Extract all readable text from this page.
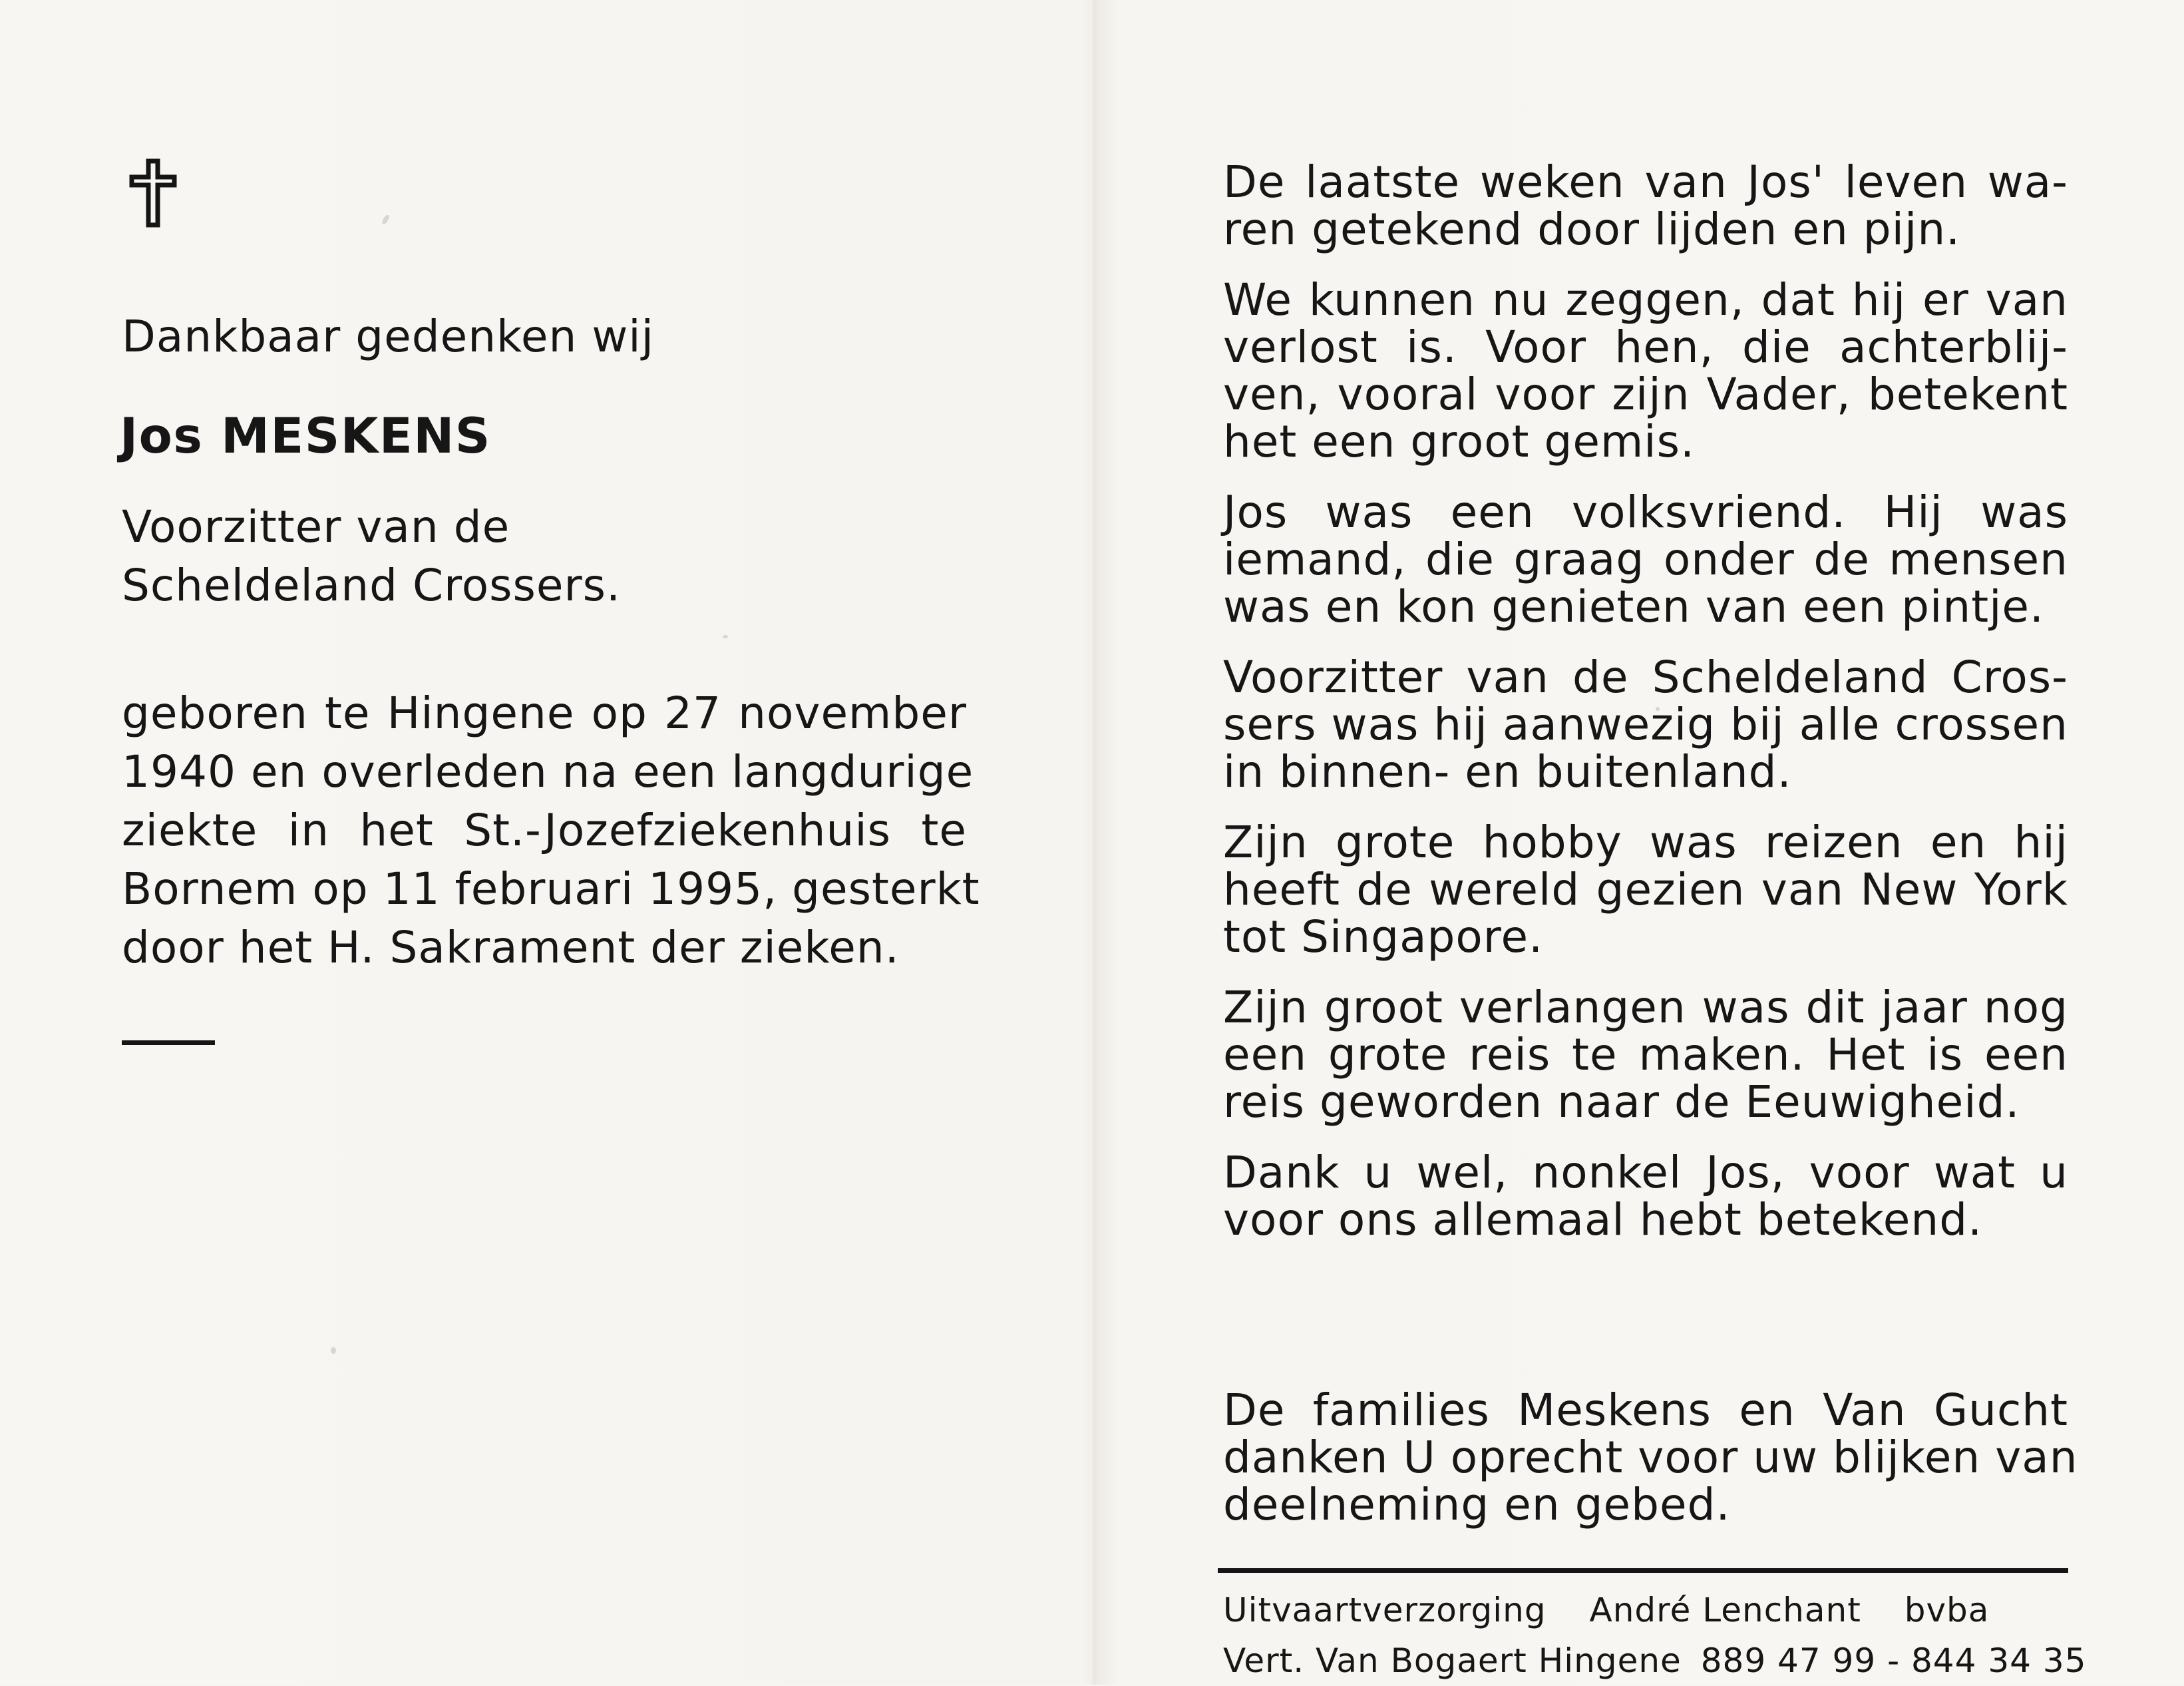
Dankbaar gedenken wij
Jos MESKENS
Voorzitter van de
Scheldeland Crossers.
geboren te Hingene op 27 november
1940 en overleden na een langdurige
ziekte in het St.-Jozefziekenhuis te
Bornem op 11 februari 1995, gesterkt
door het H. Sakrament der zieken.
De laatste weken van Jos' leven wa-
ren getekend door lijden en pijn.
We kunnen nu zeggen, dat hij er van
verlost is. Voor hen, die achterblij-
ven, vooral voor zijn Vader, betekent
het een groot gemis.
Jos was een volksvriend. Hij was
iemand, die graag onder de mensen
was en kon genieten van een pintje.
Voorzitter van de Scheldeland Cros-
sers was hij aanwezig bij alle crossen
in binnen- en buitenland.
Zijn grote hobby was reizen en hij
heeft de wereld gezien van New York
tot Singapore.
Zijn groot verlangen was dit jaar nog
een grote reis te maken. Het is een
reis geworden naar de Eeuwigheid.
Dank u wel, nonkel Jos, voor wat u
voor ons allemaal hebt betekend.
De families Meskens en Van Gucht
danken U oprecht voor uw blijken van
deelneming en gebed.
Uitvaartverzorging André Lenchant bvba
Vert. Van Bogaert Hingene 889 47 99 - 844 34 35
